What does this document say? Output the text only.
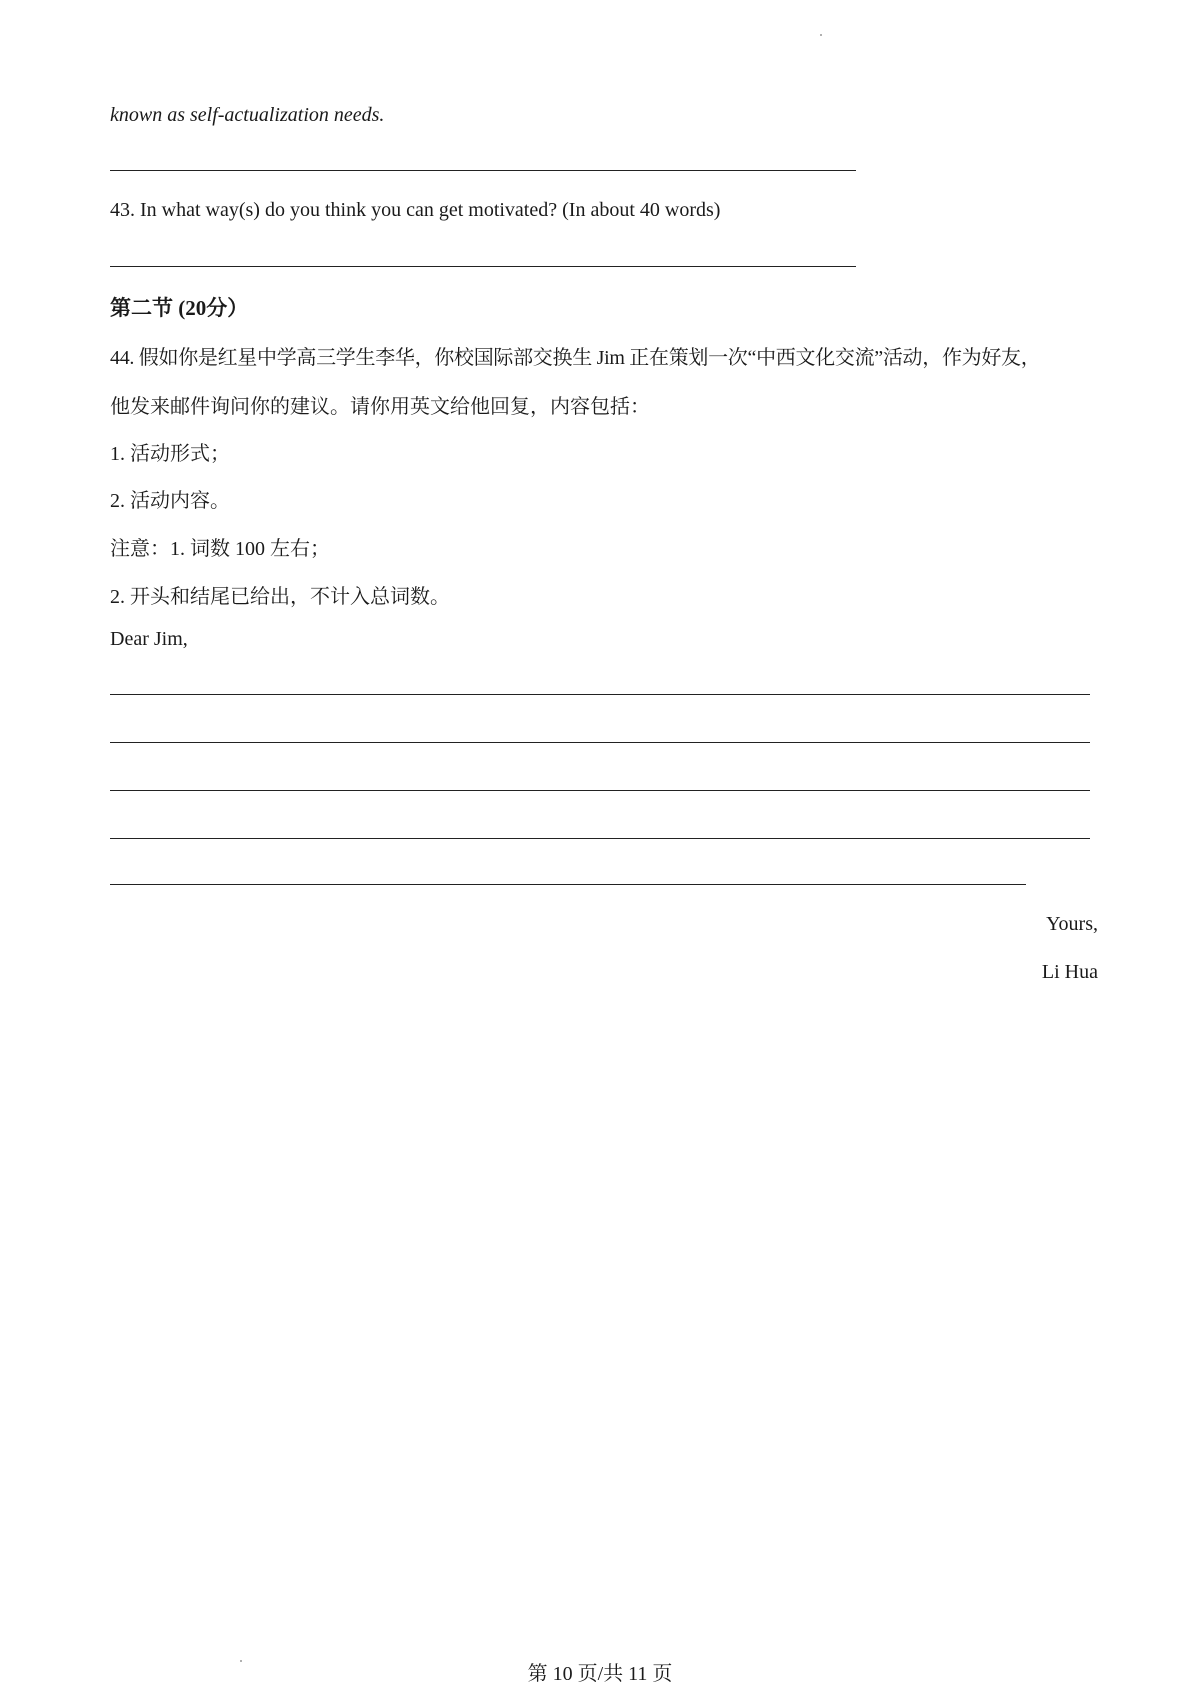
known as self-actualization needs.
43. In what way(s) do you think you can get motivated? (In about 40 words)
第二节 (20分）
44. 假如你是红星中学高三学生李华，你校国际部交换生 Jim 正在策划一次“中西文化交流”活动，作为好友，
他发来邮件询问你的建议。请你用英文给他回复，内容包括：
1. 活动形式；
2. 活动内容。
注意：1. 词数 100 左右；
2. 开头和结尾已给出，不计入总词数。
Dear Jim,
Yours,
Li Hua
第 10 页/共 11 页
